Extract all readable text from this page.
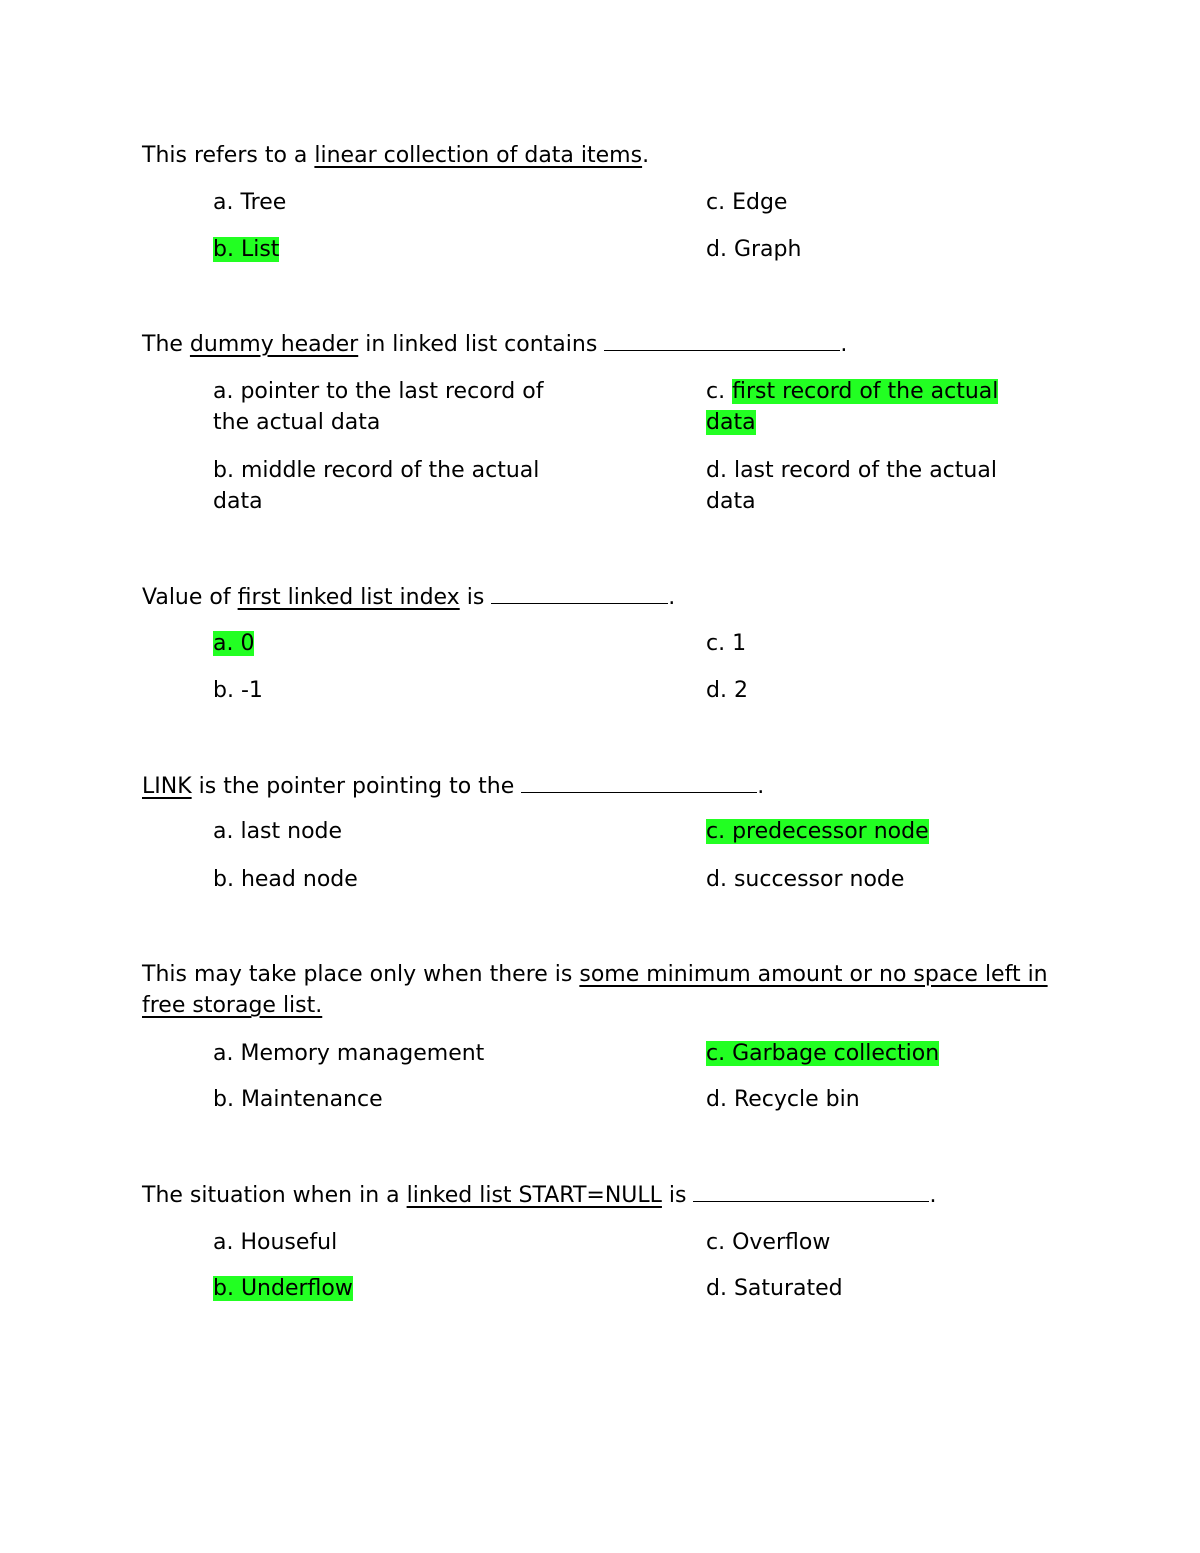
This refers to a linear collection of data items.

a. Tree

b. List

c. Edge

d. Graph

The dummy header in linked list contains	.

a. pointer to the last record of the actual data

b. middle record of the actual data

c. first record of the actual data

d. last record of the actual data

Value of first linked list index is	.

a. 0

b. -1

c. 1

d. 2

LINK is the pointer pointing to the	.

a. last node

b. head node

c. predecessor node

d. successor node

This may take place only when there is some minimum amount or no space left in free storage list.

a. Memory management

b. Maintenance

c. Garbage collection

d. Recycle bin

The situation when in a linked list START=NULL is	.

a. Houseful

b. Underflow

c. Overflow

d. Saturated
